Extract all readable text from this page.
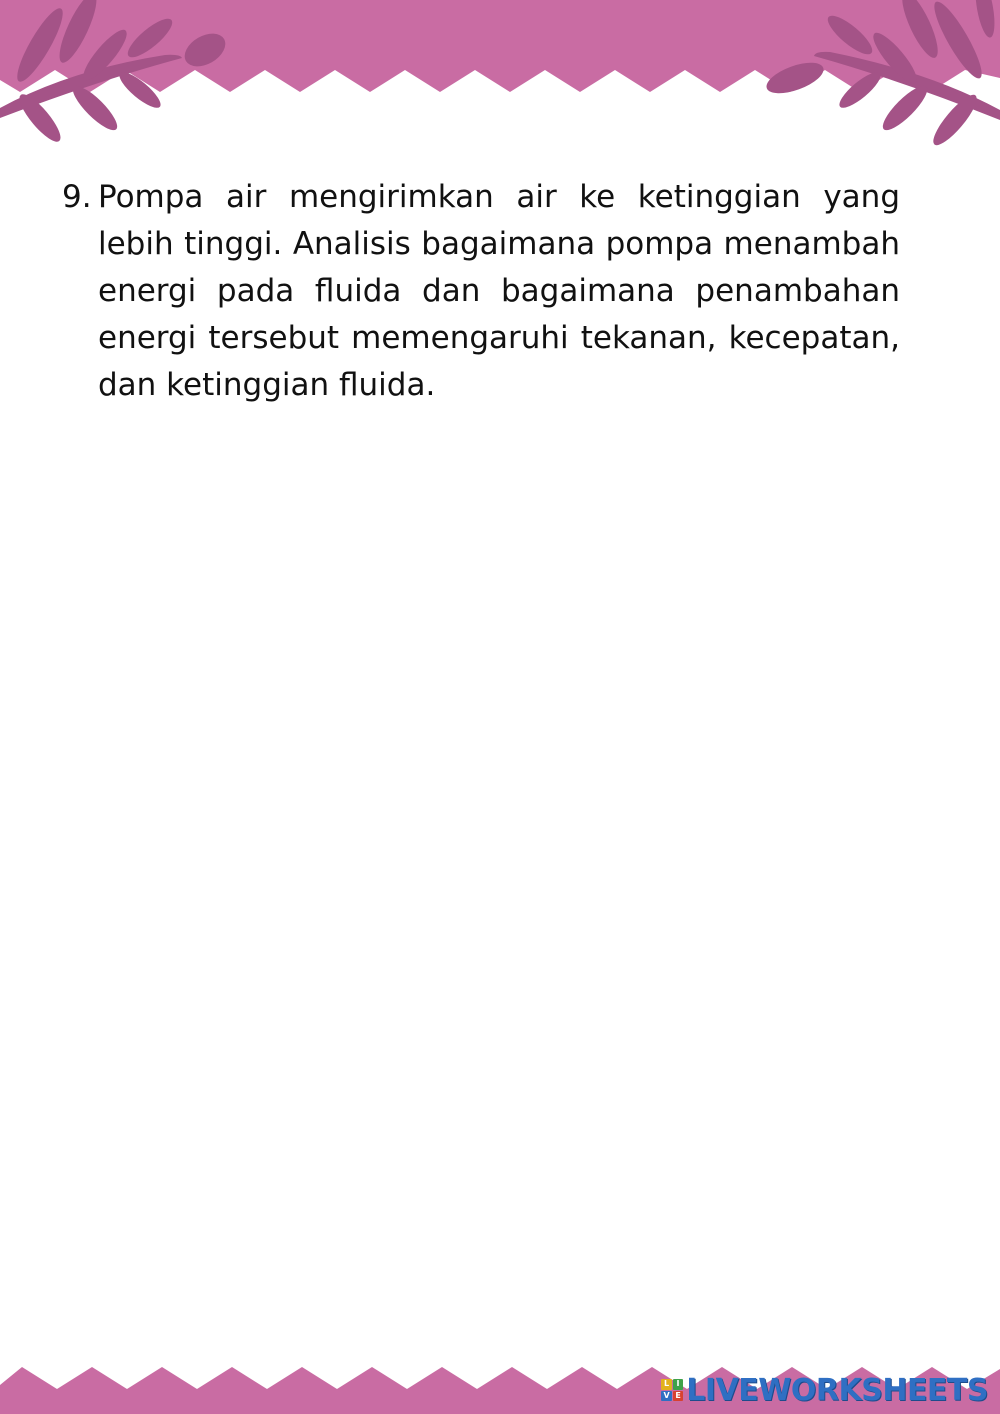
9. Pompa air mengirimkan air ke ketinggian yang lebih tinggi. Analisis bagaimana pompa menambah energi pada fluida dan bagaimana penambahan energi tersebut memengaruhi tekanan, kecepatan, dan ketinggian fluida.
L I
V E LIVEWORKSHEETS
